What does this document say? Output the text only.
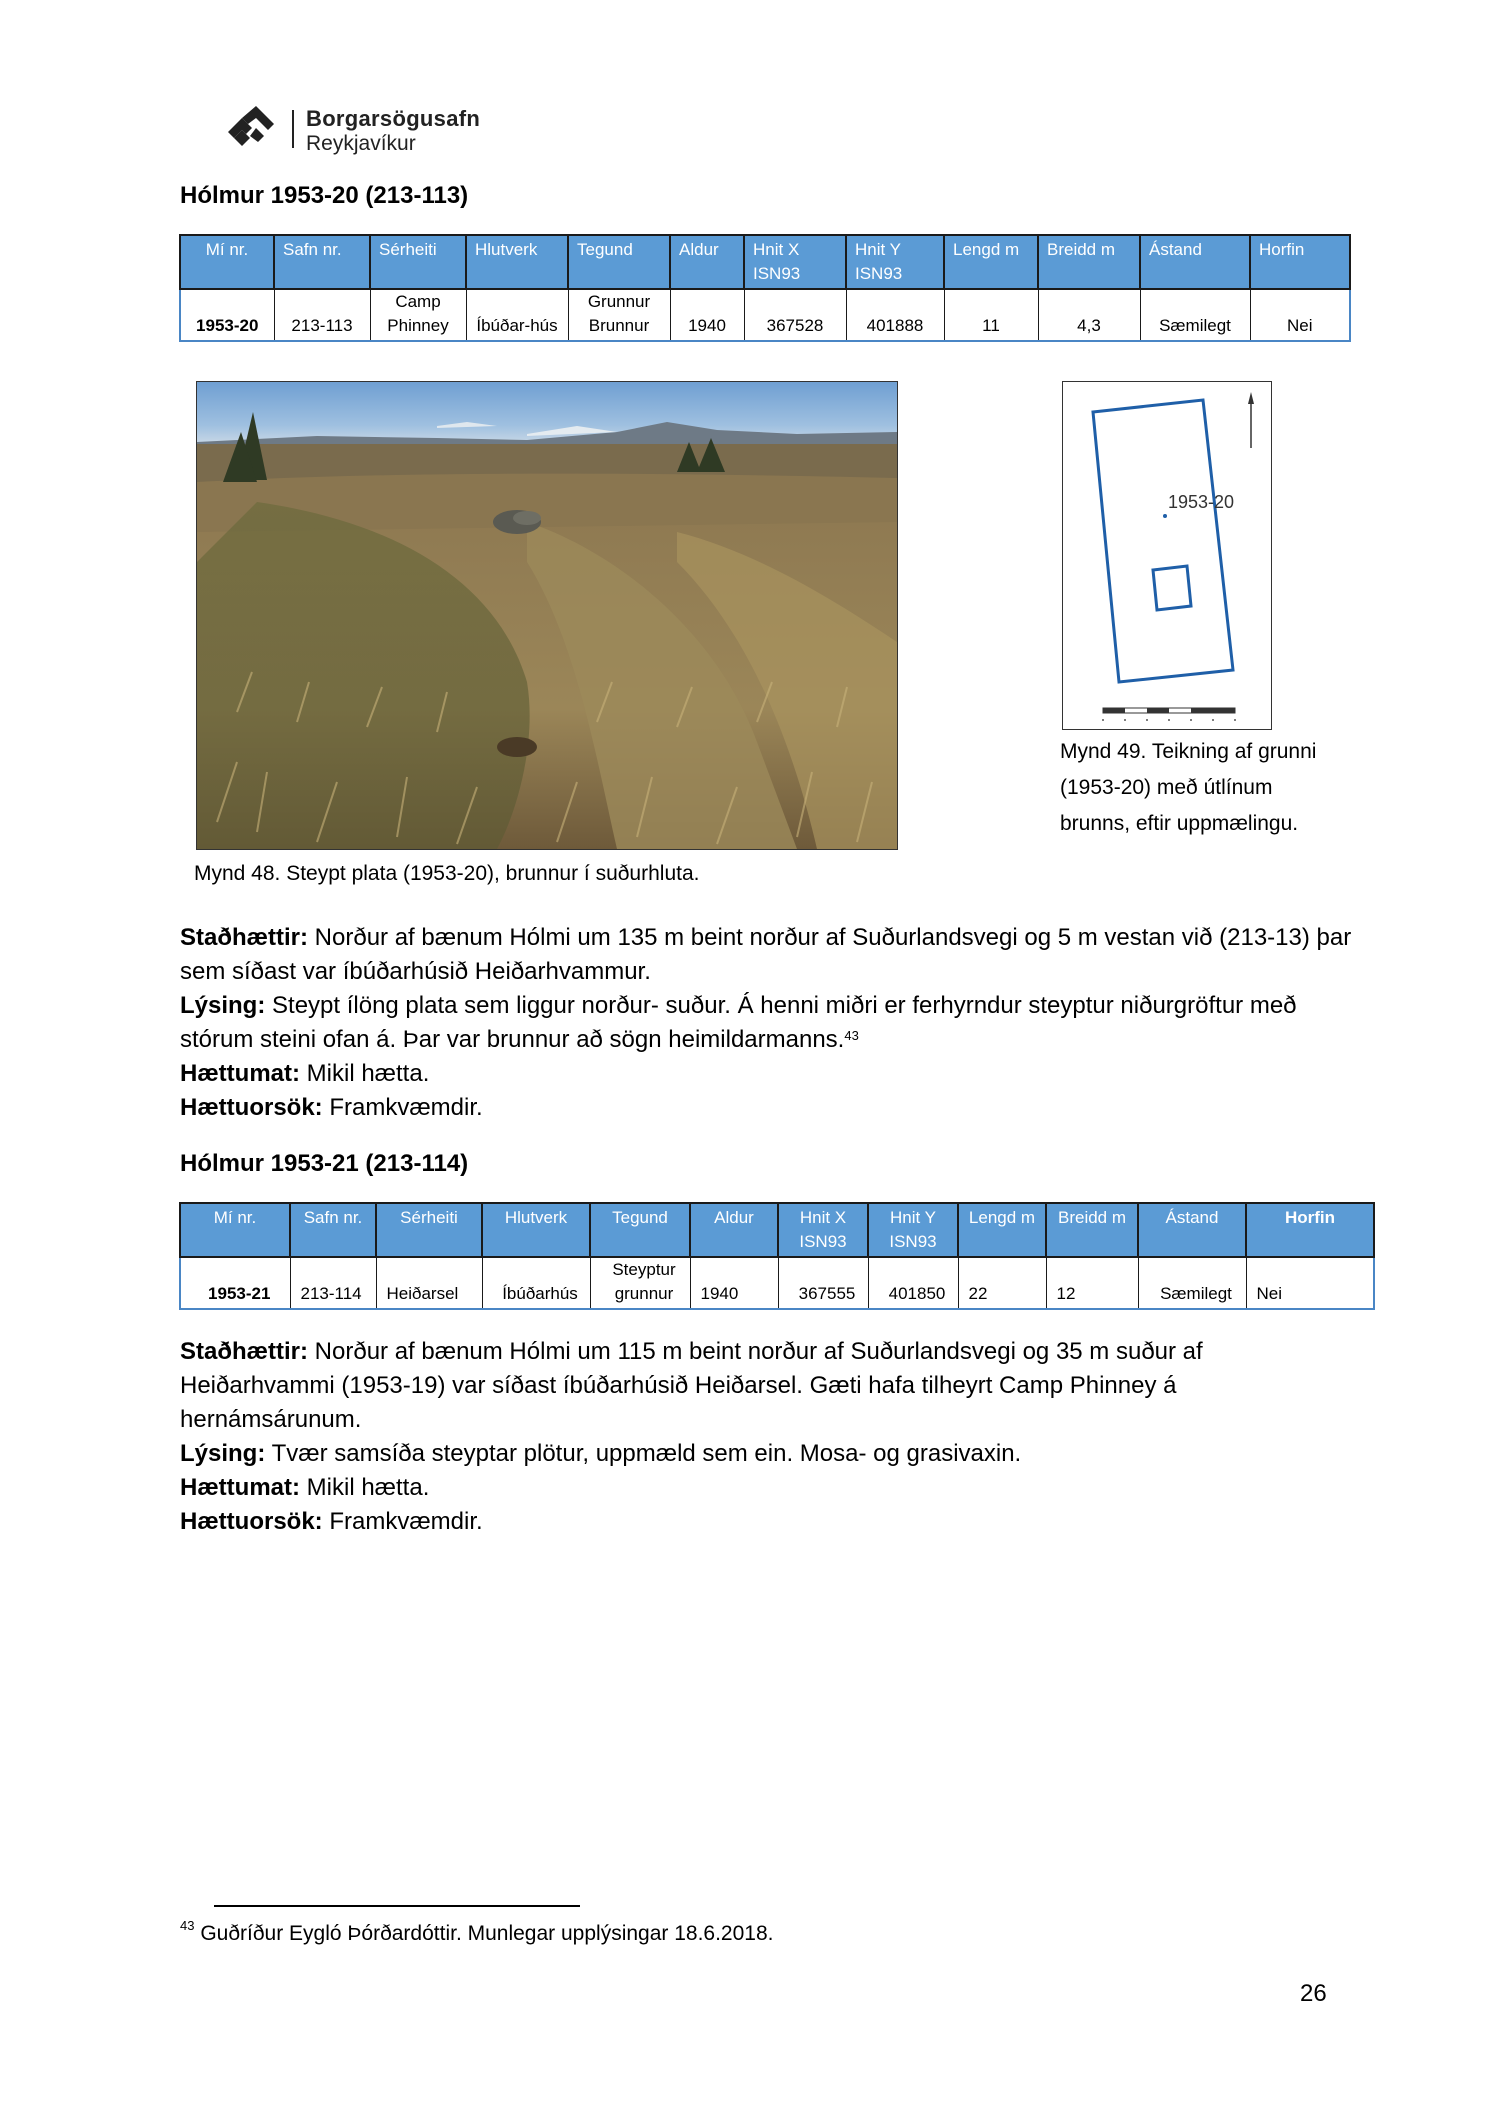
Borgarsögusafn
Reykjavíkur
Hólmur 1953-20 (213-113)
Mí nr.	Safn nr.	Sérheiti	Hlutverk	Tegund	Aldur	Hnit X ISN93	Hnit Y ISN93	Lengd m	Breidd m	Ástand	Horfin
1953-20	213-113	Camp Phinney	Íbúðar-hús	Grunnur Brunnur	1940	367528	401888	11	4,3	Sæmilegt	Nei
1953-20
Mynd 48. Steypt plata (1953-20), brunnur í suðurhluta.
Mynd 49. Teikning af grunni (1953-20) með útlínum brunns, eftir uppmælingu.
Staðhættir: Norður af bænum Hólmi um 135 m beint norður af Suðurlandsvegi og 5 m vestan við (213-13) þar sem síðast var íbúðarhúsið Heiðarhvammur.
Lýsing: Steypt ílöng plata sem liggur norður- suður. Á henni miðri er ferhyrndur steyptur niðurgröftur með stórum steini ofan á. Þar var brunnur að sögn heimildarmanns.$^{43}$
Hættumat: Mikil hætta.
Hættuorsök: Framkvæmdir.
Hólmur 1953-21 (213-114)
Mí nr.	Safn nr.	Sérheiti	Hlutverk	Tegund	Aldur	Hnit X ISN93	Hnit Y ISN93	Lengd m	Breidd m	Ástand	Horfin
1953-21	213-114	Heiðarsel	Íbúðarhús	Steyptur grunnur	1940	367555	401850	22	12	Sæmilegt	Nei
Staðhættir: Norður af bænum Hólmi um 115 m beint norður af Suðurlandsvegi og 35 m suður af Heiðarhvammi (1953-19) var síðast íbúðarhúsið Heiðarsel. Gæti hafa tilheyrt Camp Phinney á hernámsárunum.
Lýsing: Tvær samsíða steyptar plötur, uppmæld sem ein. Mosa- og grasivaxin.
Hættumat: Mikil hætta.
Hættuorsök: Framkvæmdir.
$^{43}$ Guðríður Eygló Þórðardóttir. Munlegar upplýsingar 18.6.2018.
26
